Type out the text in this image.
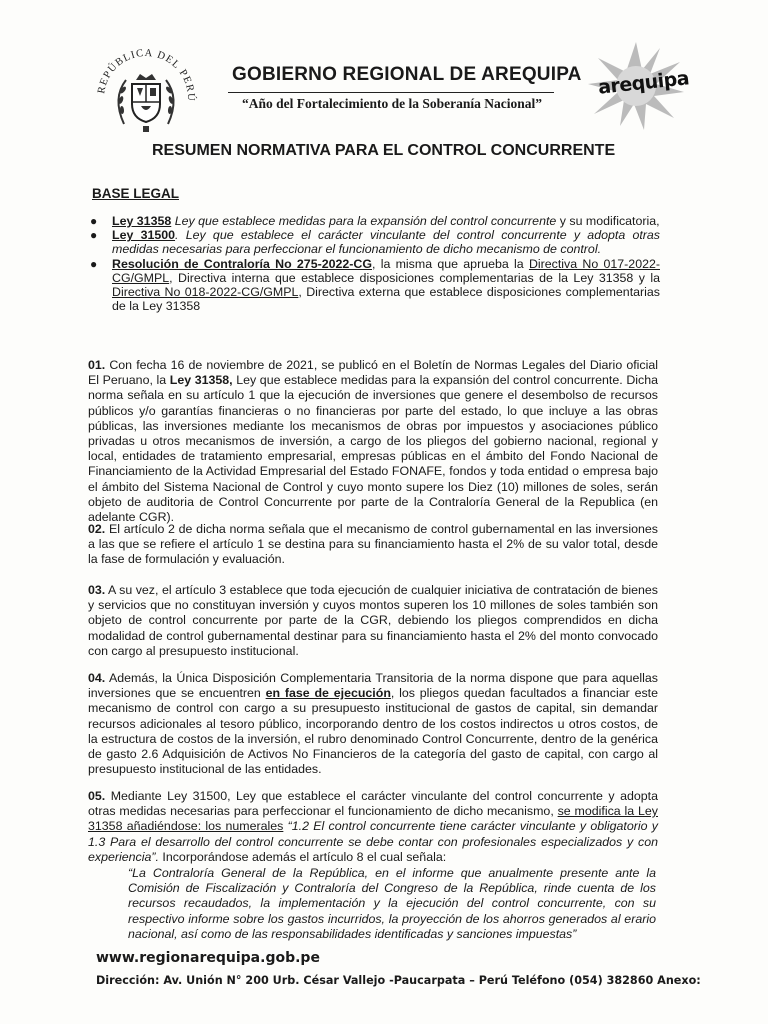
REPÚBLICA DEL PERÚ
GOBIERNO REGIONAL DE AREQUIPA
“Año del Fortalecimiento de la Soberanía Nacional”
arequipa
RESUMEN NORMATIVA PARA EL CONTROL CONCURRENTE
BASE LEGAL
● Ley 31358 Ley que establece medidas para la expansión del control concurrente y su modificatoria,
● Ley 31500. Ley que establece el carácter vinculante del control concurrente y adopta otras medidas necesarias para perfeccionar el funcionamiento de dicho mecanismo de control.
● Resolución de Contraloría No 275-2022-CG, la misma que aprueba la Directiva No 017-2022-CG/GMPL, Directiva interna que establece disposiciones complementarias de la Ley 31358 y la Directiva No 018-2022-CG/GMPL, Directiva externa que establece disposiciones complementarias de la Ley 31358

01. Con fecha 16 de noviembre de 2021, se publicó en el Boletín de Normas Legales del Diario oficial El Peruano, la Ley 31358, Ley que establece medidas para la expansión del control concurrente. Dicha norma señala en su artículo 1 que la ejecución de inversiones que genere el desembolso de recursos públicos y/o garantías financieras o no financieras por parte del estado, lo que incluye a las obras públicas, las inversiones mediante los mecanismos de obras por impuestos y asociaciones público privadas u otros mecanismos de inversión, a cargo de los pliegos del gobierno nacional, regional y local, entidades de tratamiento empresarial, empresas públicas en el ámbito del Fondo Nacional de Financiamiento de la Actividad Empresarial del Estado FONAFE, fondos y toda entidad o empresa bajo el ámbito del Sistema Nacional de Control y cuyo monto supere los Diez (10) millones de soles, serán objeto de auditoria de Control Concurrente por parte de la Contraloría General de la Republica (en adelante CGR).

02. El artículo 2 de dicha norma señala que el mecanismo de control gubernamental en las inversiones a las que se refiere el artículo 1 se destina para su financiamiento hasta el 2% de su valor total, desde la fase de formulación y evaluación.

03. A su vez, el artículo 3 establece que toda ejecución de cualquier iniciativa de contratación de bienes y servicios que no constituyan inversión y cuyos montos superen los 10 millones de soles también son objeto de control concurrente por parte de la CGR, debiendo los pliegos comprendidos en dicha modalidad de control gubernamental destinar para su financiamiento hasta el 2% del monto convocado con cargo al presupuesto institucional.

04. Además, la Única Disposición Complementaria Transitoria de la norma dispone que para aquellas inversiones que se encuentren en fase de ejecución, los pliegos quedan facultados a financiar este mecanismo de control con cargo a su presupuesto institucional de gastos de capital, sin demandar recursos adicionales al tesoro público, incorporando dentro de los costos indirectos u otros costos, de la estructura de costos de la inversión, el rubro denominado Control Concurrente, dentro de la genérica de gasto 2.6 Adquisición de Activos No Financieros de la categoría del gasto de capital, con cargo al presupuesto institucional de las entidades.

05. Mediante Ley 31500, Ley que establece el carácter vinculante del control concurrente y adopta otras medidas necesarias para perfeccionar el funcionamiento de dicho mecanismo, se modifica la Ley 31358 añadiéndose: los numerales “1.2 El control concurrente tiene carácter vinculante y obligatorio y 1.3 Para el desarrollo del control concurrente se debe contar con profesionales especializados y con experiencia”. Incorporándose además el artículo 8 el cual señala:

“La Contraloría General de la República, en el informe que anualmente presente ante la Comisión de Fiscalización y Contraloría del Congreso de la República, rinde cuenta de los recursos recaudados, la implementación y la ejecución del control concurrente, con su respectivo informe sobre los gastos incurridos, la proyección de los ahorros generados al erario nacional, así como de las responsabilidades identificadas y sanciones impuestas”

www.regionarequipa.gob.pe
Dirección: Av. Unión N° 200 Urb. César Vallejo -Paucarpata – Perú Teléfono (054) 382860 Anexo:
